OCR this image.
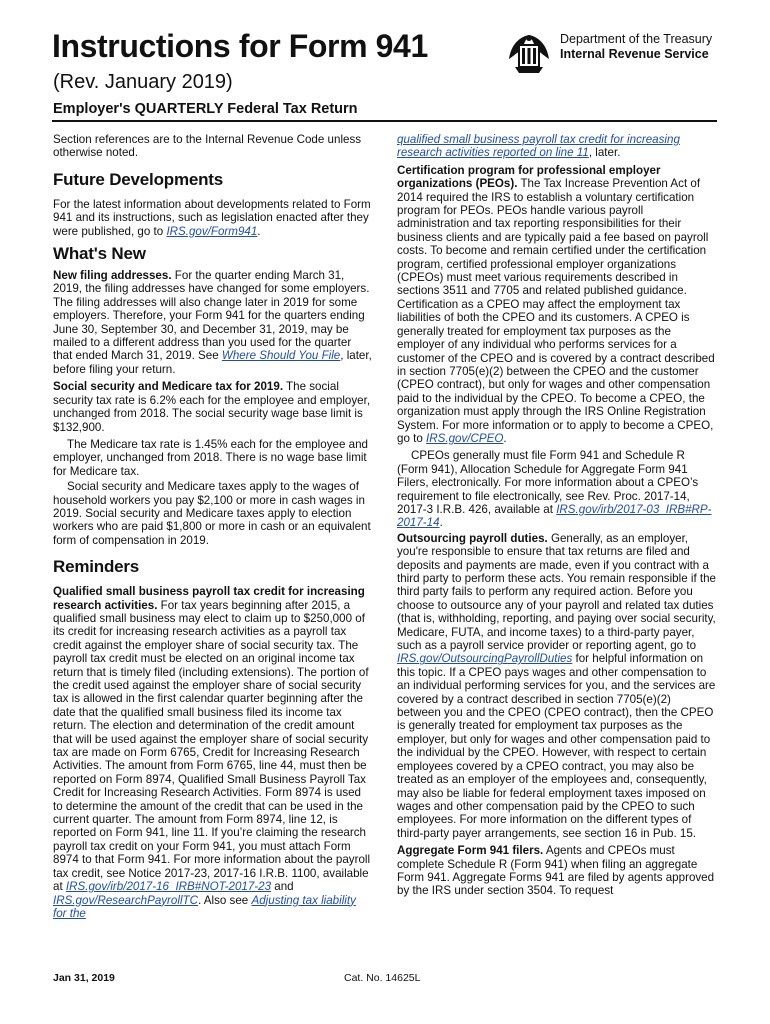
Instructions for Form 941
(Rev. January 2019)
Employer's QUARTERLY Federal Tax Return
Department of the Treasury
Internal Revenue Service

Section references are to the Internal Revenue Code unless otherwise noted.

Future Developments

For the latest information about developments related to Form 941 and its instructions, such as legislation enacted after they were published, go to IRS.gov/Form941.

What's New

New filing addresses. For the quarter ending March 31, 2019, the filing addresses have changed for some employers. The filing addresses will also change later in 2019 for some employers. Therefore, your Form 941 for the quarters ending June 30, September 30, and December 31, 2019, may be mailed to a different address than you used for the quarter that ended March 31, 2019. See Where Should You File, later, before filing your return.

Social security and Medicare tax for 2019. The social security tax rate is 6.2% each for the employee and employer, unchanged from 2018. The social security wage base limit is $132,900.

The Medicare tax rate is 1.45% each for the employee and employer, unchanged from 2018. There is no wage base limit for Medicare tax.

Social security and Medicare taxes apply to the wages of household workers you pay $2,100 or more in cash wages in 2019. Social security and Medicare taxes apply to election workers who are paid $1,800 or more in cash or an equivalent form of compensation in 2019.

Reminders

Qualified small business payroll tax credit for increasing research activities. For tax years beginning after 2015, a qualified small business may elect to claim up to $250,000 of its credit for increasing research activities as a payroll tax credit against the employer share of social security tax. The payroll tax credit must be elected on an original income tax return that is timely filed (including extensions). The portion of the credit used against the employer share of social security tax is allowed in the first calendar quarter beginning after the date that the qualified small business filed its income tax return. The election and determination of the credit amount that will be used against the employer share of social security tax are made on Form 6765, Credit for Increasing Research Activities. The amount from Form 6765, line 44, must then be reported on Form 8974, Qualified Small Business Payroll Tax Credit for Increasing Research Activities. Form 8974 is used to determine the amount of the credit that can be used in the current quarter. The amount from Form 8974, line 12, is reported on Form 941, line 11. If you’re claiming the research payroll tax credit on your Form 941, you must attach Form 8974 to that Form 941. For more information about the payroll tax credit, see Notice 2017-23, 2017-16 I.R.B. 1100, available at IRS.gov/irb/2017-16_IRB#NOT-2017-23 and IRS.gov/ResearchPayrollTC. Also see Adjusting tax liability for the

qualified small business payroll tax credit for increasing research activities reported on line 11, later.

Certification program for professional employer organizations (PEOs). The Tax Increase Prevention Act of 2014 required the IRS to establish a voluntary certification program for PEOs. PEOs handle various payroll administration and tax reporting responsibilities for their business clients and are typically paid a fee based on payroll costs. To become and remain certified under the certification program, certified professional employer organizations (CPEOs) must meet various requirements described in sections 3511 and 7705 and related published guidance. Certification as a CPEO may affect the employment tax liabilities of both the CPEO and its customers. A CPEO is generally treated for employment tax purposes as the employer of any individual who performs services for a customer of the CPEO and is covered by a contract described in section 7705(e)(2) between the CPEO and the customer (CPEO contract), but only for wages and other compensation paid to the individual by the CPEO. To become a CPEO, the organization must apply through the IRS Online Registration System. For more information or to apply to become a CPEO, go to IRS.gov/CPEO.

CPEOs generally must file Form 941 and Schedule R (Form 941), Allocation Schedule for Aggregate Form 941 Filers, electronically. For more information about a CPEO’s requirement to file electronically, see Rev. Proc. 2017-14, 2017-3 I.R.B. 426, available at IRS.gov/irb/2017-03_IRB#RP-2017-14.

Outsourcing payroll duties. Generally, as an employer, you're responsible to ensure that tax returns are filed and deposits and payments are made, even if you contract with a third party to perform these acts. You remain responsible if the third party fails to perform any required action. Before you choose to outsource any of your payroll and related tax duties (that is, withholding, reporting, and paying over social security, Medicare, FUTA, and income taxes) to a third-party payer, such as a payroll service provider or reporting agent, go to IRS.gov/OutsourcingPayrollDuties for helpful information on this topic. If a CPEO pays wages and other compensation to an individual performing services for you, and the services are covered by a contract described in section 7705(e)(2) between you and the CPEO (CPEO contract), then the CPEO is generally treated for employment tax purposes as the employer, but only for wages and other compensation paid to the individual by the CPEO. However, with respect to certain employees covered by a CPEO contract, you may also be treated as an employer of the employees and, consequently, may also be liable for federal employment taxes imposed on wages and other compensation paid by the CPEO to such employees. For more information on the different types of third-party payer arrangements, see section 16 in Pub. 15.

Aggregate Form 941 filers. Agents and CPEOs must complete Schedule R (Form 941) when filing an aggregate Form 941. Aggregate Forms 941 are filed by agents approved by the IRS under section 3504. To request

Jan 31, 2019	Cat. No. 14625L
